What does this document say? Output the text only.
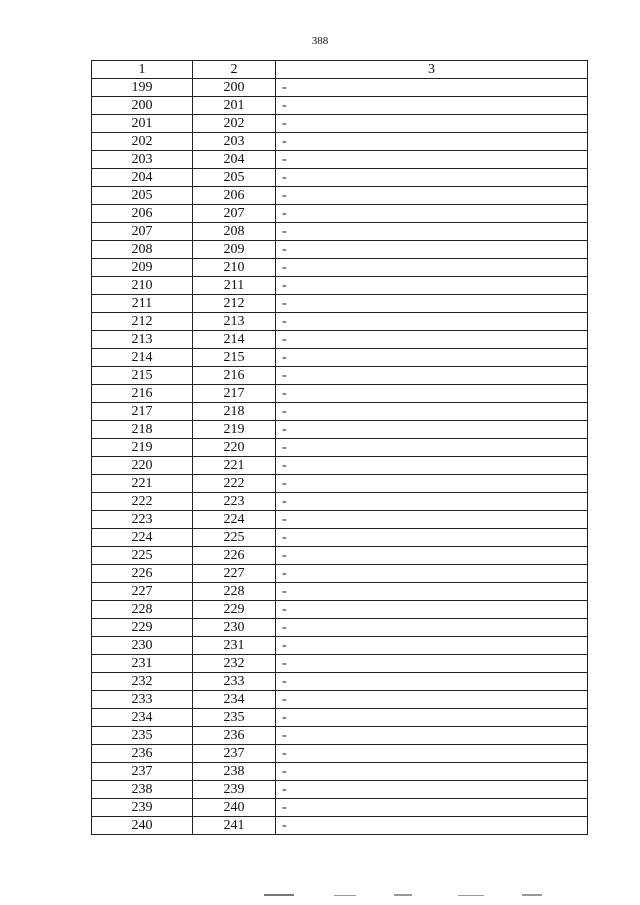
388
1	2	3
199	200	-
200	201	-
201	202	-
202	203	-
203	204	-
204	205	-
205	206	-
206	207	-
207	208	-
208	209	-
209	210	-
210	211	-
211	212	-
212	213	-
213	214	-
214	215	-
215	216	-
216	217	-
217	218	-
218	219	-
219	220	-
220	221	-
221	222	-
222	223	-
223	224	-
224	225	-
225	226	-
226	227	-
227	228	-
228	229	-
229	230	-
230	231	-
231	232	-
232	233	-
233	234	-
234	235	-
235	236	-
236	237	-
237	238	-
238	239	-
239	240	-
240	241	-
